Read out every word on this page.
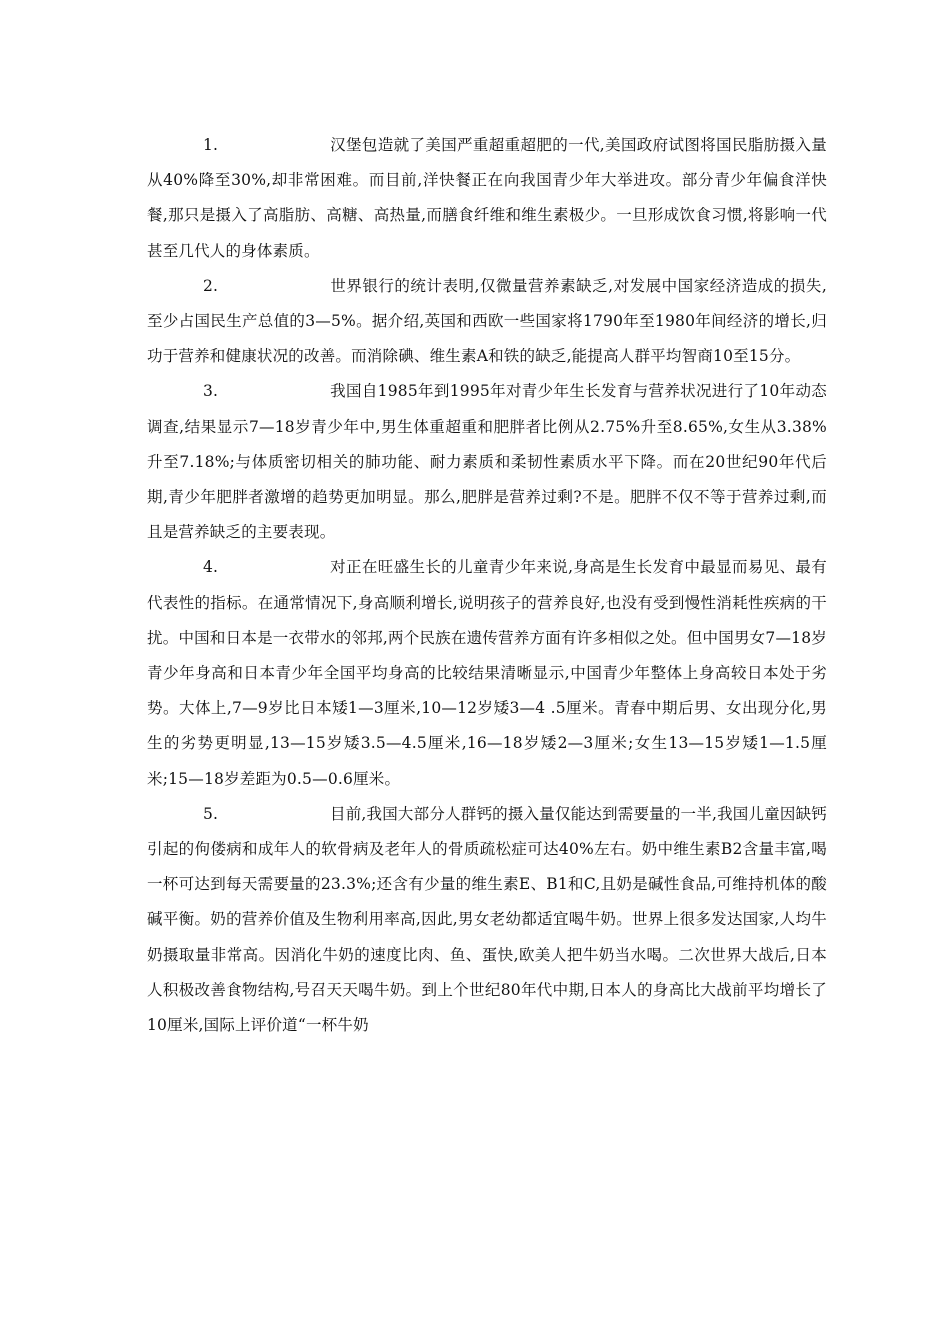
1.	汉堡包造就了美国严重超重超肥的一代,美国政府试图将国民脂肪摄入量从40%降至30%,却非常困难。而目前,洋快餐正在向我国青少年大举进攻。部分青少年偏食洋快餐,那只是摄入了高脂肪、高糖、高热量,而膳食纤维和维生素极少。一旦形成饮食习惯,将影响一代甚至几代人的身体素质。

2.	世界银行的统计表明,仅微量营养素缺乏,对发展中国家经济造成的损失,至少占国民生产总值的3—5%。据介绍,英国和西欧一些国家将1790年至1980年间经济的增长,归功于营养和健康状况的改善。而消除碘、维生素A和铁的缺乏,能提高人群平均智商10至15分。

3.	我国自1985年到1995年对青少年生长发育与营养状况进行了10年动态调查,结果显示7—18岁青少年中,男生体重超重和肥胖者比例从2.75%升至8.65%,女生从3.38%升至7.18%;与体质密切相关的肺功能、耐力素质和柔韧性素质水平下降。而在20世纪90年代后期,青少年肥胖者激增的趋势更加明显。那么,肥胖是营养过剩?不是。肥胖不仅不等于营养过剩,而且是营养缺乏的主要表现。

4.	对正在旺盛生长的儿童青少年来说,身高是生长发育中最显而易见、最有代表性的指标。在通常情况下,身高顺利增长,说明孩子的营养良好,也没有受到慢性消耗性疾病的干扰。中国和日本是一衣带水的邻邦,两个民族在遗传营养方面有许多相似之处。但中国男女7—18岁青少年身高和日本青少年全国平均身高的比较结果清晰显示,中国青少年整体上身高较日本处于劣势。大体上,7—9岁比日本矮1—3厘米,10—12岁矮3—4 .5厘米。青春中期后男、女出现分化,男生的劣势更明显,13—15岁矮3.5—4.5厘米,16—18岁矮2—3厘米;女生13—15岁矮1—1.5厘米;15—18岁差距为0.5—0.6厘米。

5.	目前,我国大部分人群钙的摄入量仅能达到需要量的一半,我国儿童因缺钙引起的佝偻病和成年人的软骨病及老年人的骨质疏松症可达40%左右。奶中维生素B2含量丰富,喝一杯可达到每天需要量的23.3%;还含有少量的维生素E、B1和C,且奶是碱性食品,可维持机体的酸碱平衡。奶的营养价值及生物利用率高,因此,男女老幼都适宜喝牛奶。世界上很多发达国家,人均牛奶摄取量非常高。因消化牛奶的速度比肉、鱼、蛋快,欧美人把牛奶当水喝。二次世界大战后,日本人积极改善食物结构,号召天天喝牛奶。到上个世纪80年代中期,日本人的身高比大战前平均增长了10厘米,国际上评价道“一杯牛奶
